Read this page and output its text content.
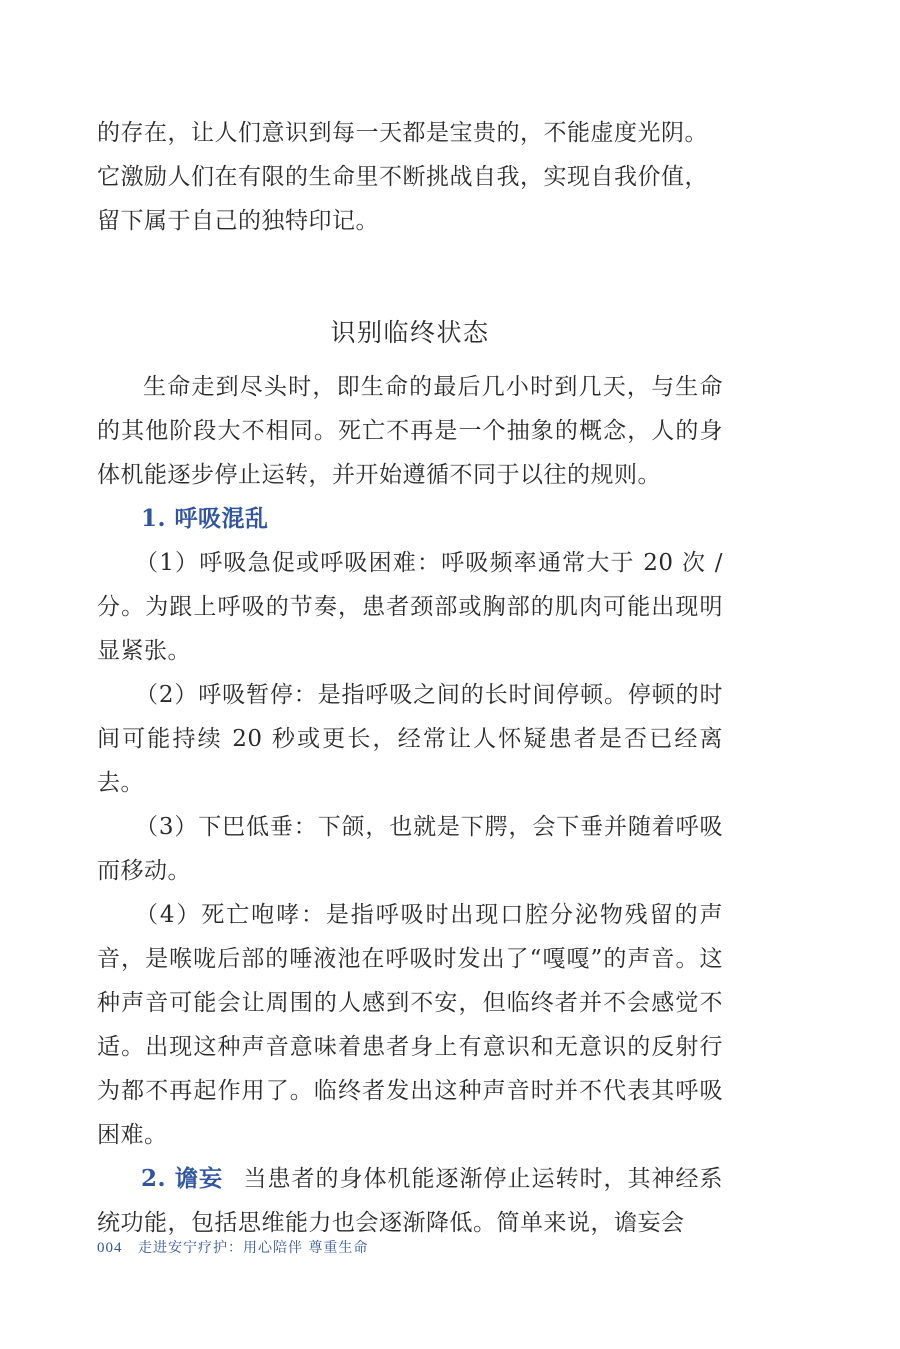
的存在，让人们意识到每一天都是宝贵的，不能虚度光阴。

它激励人们在有限的生命里不断挑战自我，实现自我价值，

留下属于自己的独特印记。

识别临终状态

生命走到尽头时，即生命的最后几小时到几天，与生命的其他阶段大不相同。死亡不再是一个抽象的概念，人的身体机能逐步停止运转，并开始遵循不同于以往的规则。

1. 呼吸混乱

（1）呼吸急促或呼吸困难：呼吸频率通常大于 20 次 / 分。为跟上呼吸的节奏，患者颈部或胸部的肌肉可能出现明显紧张。

（2）呼吸暂停：是指呼吸之间的长时间停顿。停顿的时间可能持续 20 秒或更长，经常让人怀疑患者是否已经离去。

（3）下巴低垂：下颌，也就是下腭，会下垂并随着呼吸而移动。

（4）死亡咆哮：是指呼吸时出现口腔分泌物残留的声音，是喉咙后部的唾液池在呼吸时发出了“嘎嘎”的声音。这种声音可能会让周围的人感到不安，但临终者并不会感觉不适。出现这种声音意味着患者身上有意识和无意识的反射行为都不再起作用了。临终者发出这种声音时并不代表其呼吸困难。

2. 谵妄 当患者的身体机能逐渐停止运转时，其神经系统功能，包括思维能力也会逐渐降低。简单来说，谵妄会

004 走进安宁疗护：用心陪伴 尊重生命
